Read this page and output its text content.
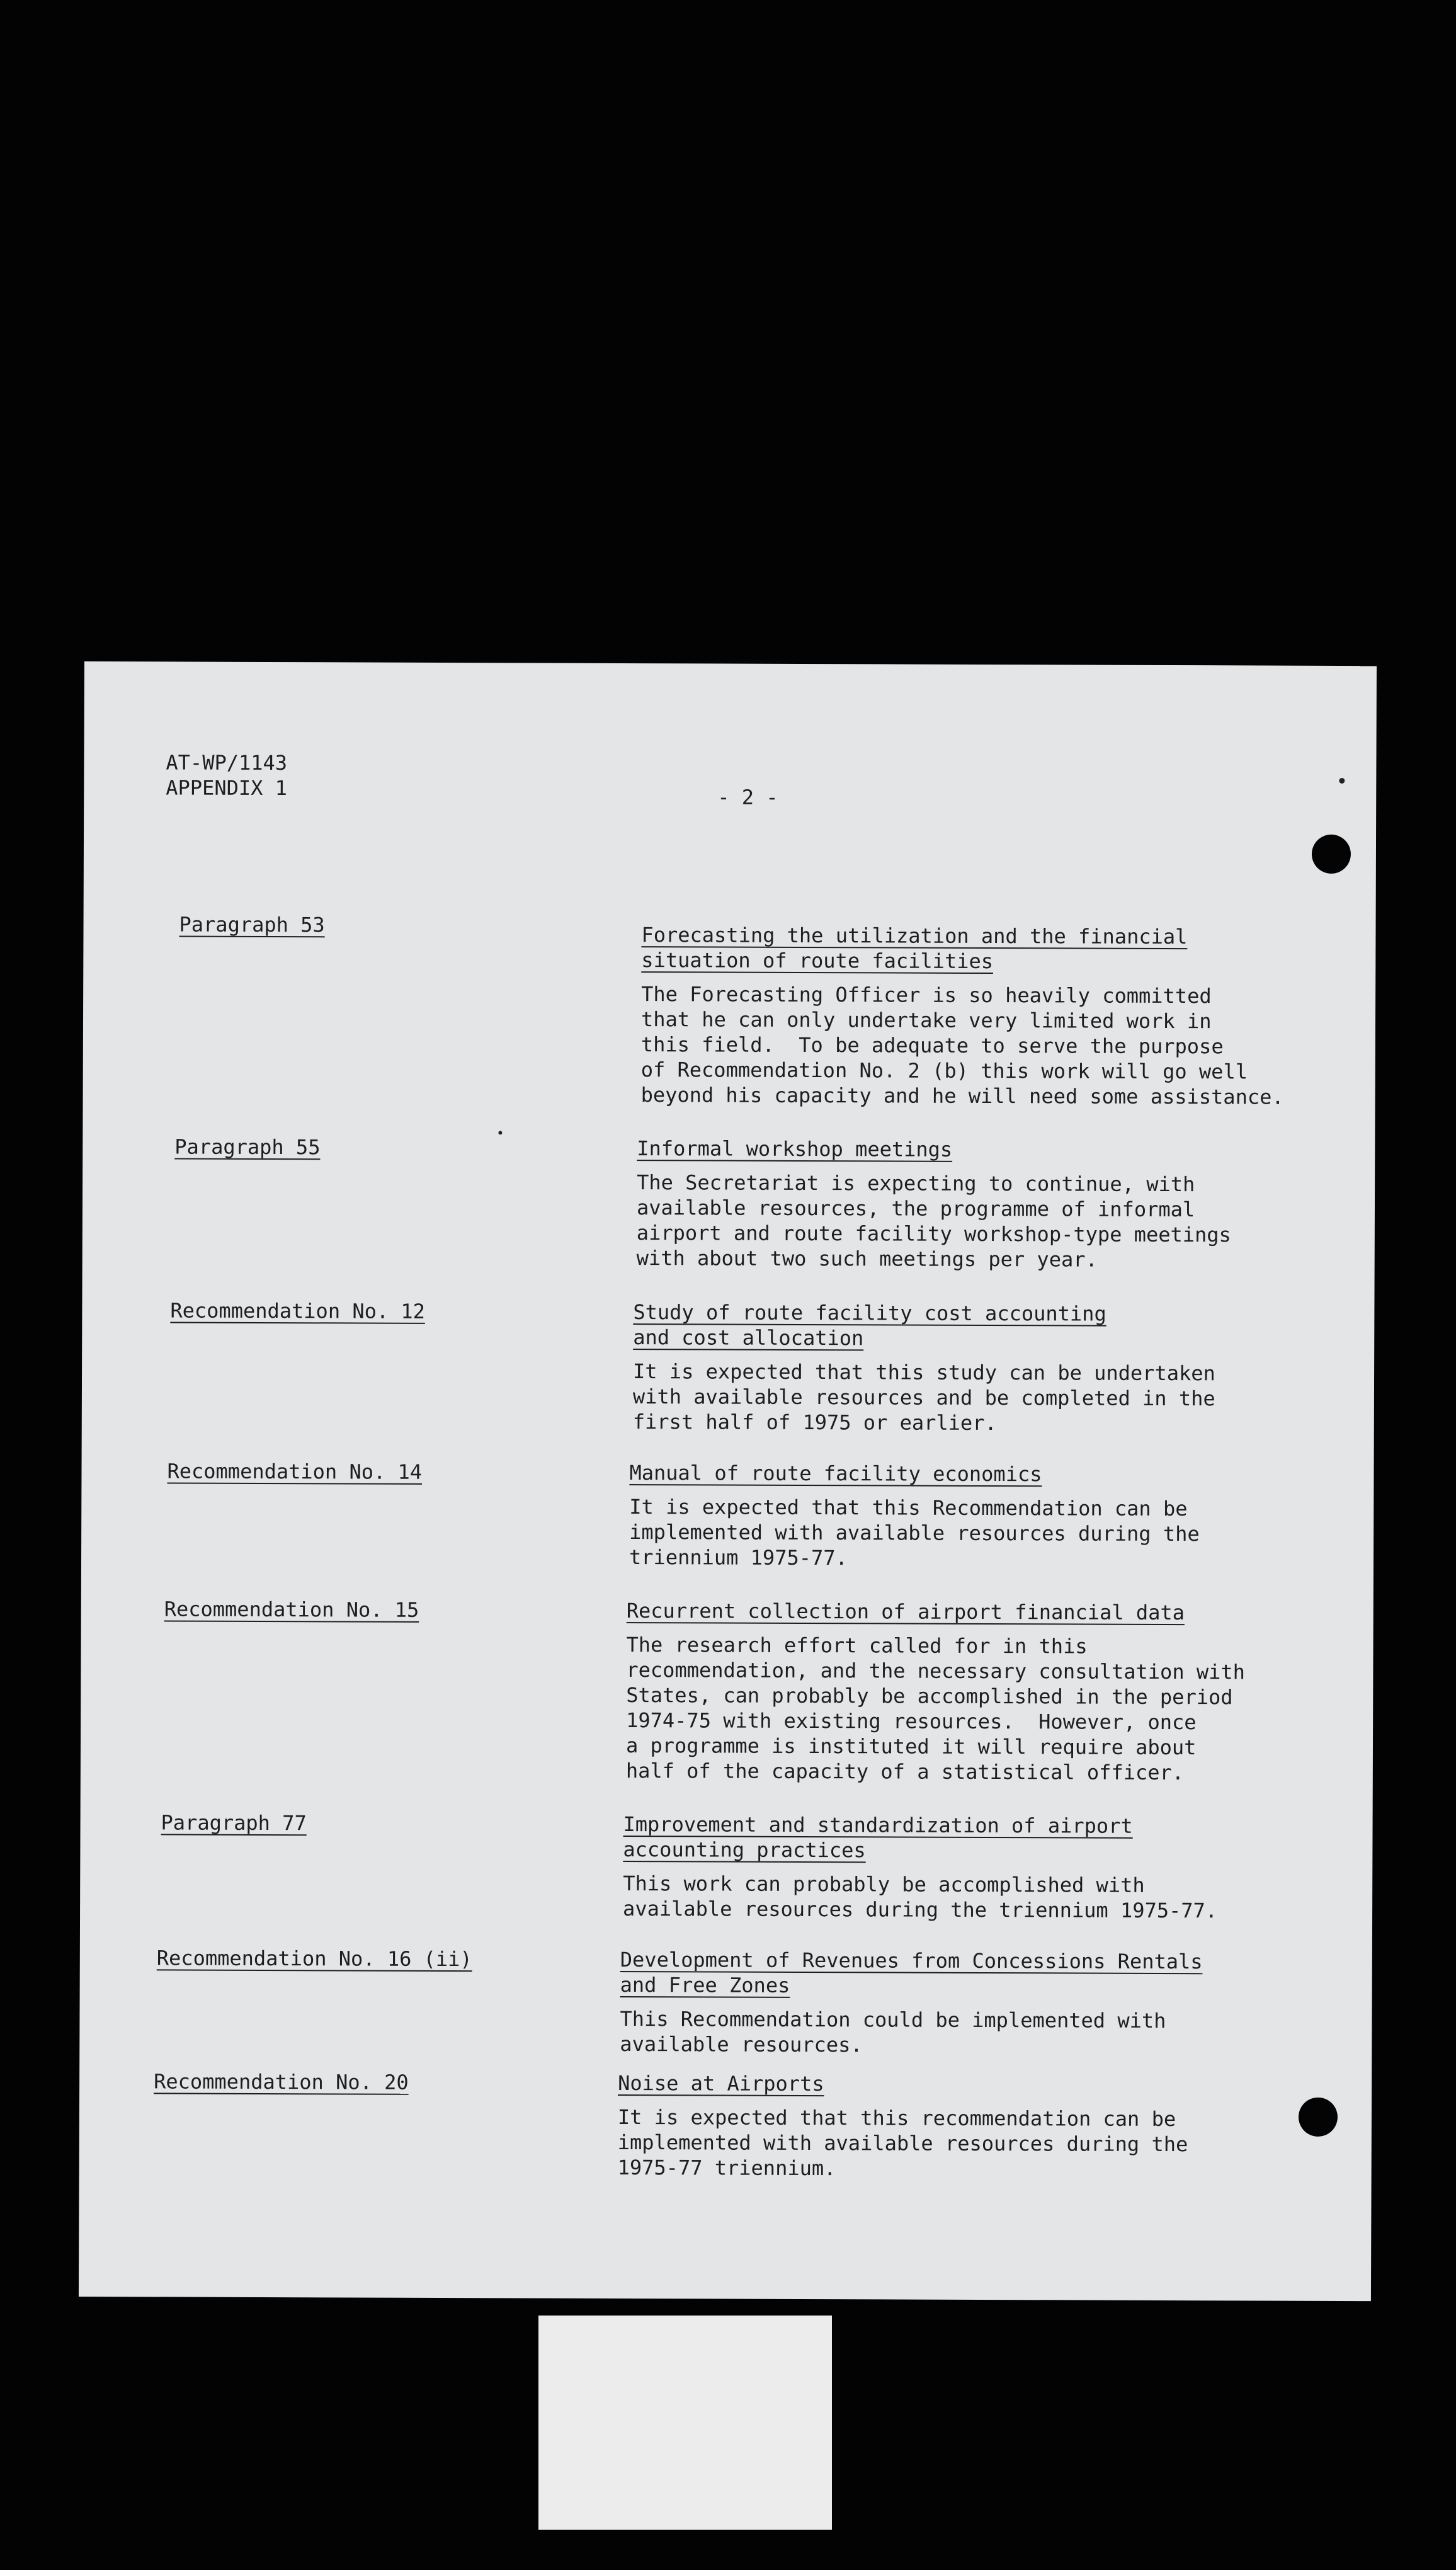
AT-WP/1143
APPENDIX 1	- 2 -
Paragraph 53	Forecasting the utilization and the financial
situation of route facilities
The Forecasting Officer is so heavily committed
that he can only undertake very limited work in
this field.  To be adequate to serve the purpose
of Recommendation No. 2 (b) this work will go well
beyond his capacity and he will need some assistance.
Paragraph 55	Informal workshop meetings
The Secretariat is expecting to continue, with
available resources, the programme of informal
airport and route facility workshop-type meetings
with about two such meetings per year.
Recommendation No. 12	Study of route facility cost accounting
and cost allocation
It is expected that this study can be undertaken
with available resources and be completed in the
first half of 1975 or earlier.
Recommendation No. 14	Manual of route facility economics
It is expected that this Recommendation can be
implemented with available resources during the
triennium 1975-77.
Recommendation No. 15	Recurrent collection of airport financial data
The research effort called for in this
recommendation, and the necessary consultation with
States, can probably be accomplished in the period
1974-75 with existing resources.  However, once
a programme is instituted it will require about
half of the capacity of a statistical officer.
Paragraph 77	Improvement and standardization of airport
accounting practices
This work can probably be accomplished with
available resources during the triennium 1975-77.
Recommendation No. 16 (ii)	Development of Revenues from Concessions Rentals
and Free Zones
This Recommendation could be implemented with
available resources.
Recommendation No. 20	Noise at Airports
It is expected that this recommendation can be
implemented with available resources during the
1975-77 triennium.
